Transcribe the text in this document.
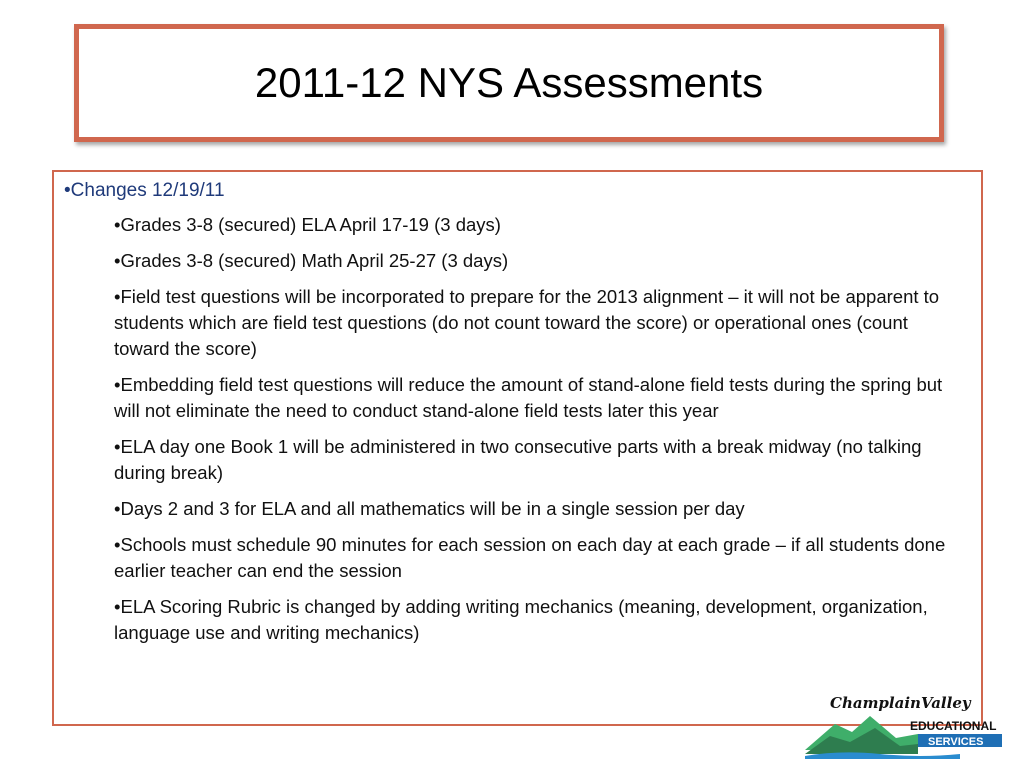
2011-12 NYS Assessments
•Changes 12/19/11
•Grades 3-8 (secured) ELA April 17-19 (3 days)
•Grades 3-8 (secured) Math April 25-27 (3 days)
•Field test questions will be incorporated to prepare for the 2013 alignment – it will not be apparent to students which are field test questions (do not count toward the score) or operational ones (count toward the score)
•Embedding field test questions will reduce the amount of stand-alone field tests during the spring but will not eliminate the need to conduct stand-alone field tests later this year
•ELA day one Book 1 will be administered in two consecutive parts with a break midway (no talking during break)
•Days 2 and 3 for ELA and all mathematics will be in a single session per day
•Schools must schedule 90 minutes for each session on each day at each grade – if all students done earlier teacher can end the session
•ELA Scoring Rubric is changed by adding writing mechanics (meaning, development, organization, language use and writing mechanics)
ChamplainValley
EDUCATIONAL
SERVICES
